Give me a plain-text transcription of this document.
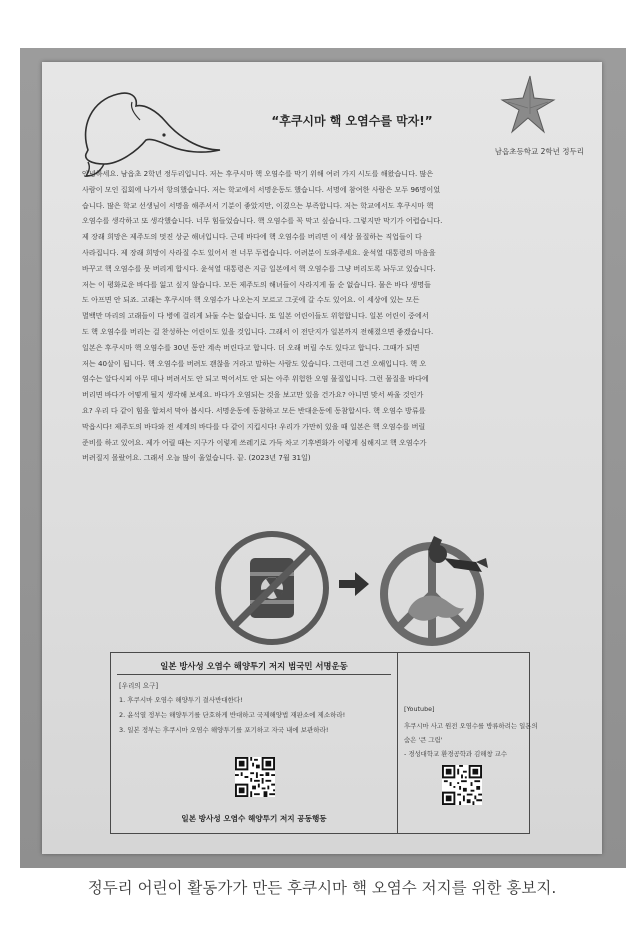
“후쿠시마 핵 오염수를 막자!”
남읍초등학교 2학년 정두리
안녕하세요. 남읍초 2학년 정두리입니다. 저는 후쿠시마 핵 오염수를 막기 위해 여러 가지 시도를 해왔습니다. 많은
사람이 모인 집회에 나가서 항의했습니다. 저는 학교에서 서명운동도 했습니다. 서명에 참여한 사람은 모두 96명이었
습니다. 많은 학교 선생님이 서명을 해주셔서 기분이 좋았지만, 이겼으는 부족합니다. 저는 학교에서도 후쿠시마 핵
오염수를 생각하고 또 생각했습니다. 너무 힘들었습니다. 핵 오염수를 꼭 막고 싶습니다. 그렇지만 막기가 어렵습니다.
제 장래 희망은 제주도의 멋진 상군 해녀입니다. 근데 바다에 핵 오염수를 버리면 이 세상 몰질하는 직업들이 다
사라집니다. 제 장래 희망이 사라질 수도 있어서 전 너무 두렵습니다. 어려분이 도와주세요. 윤석열 대통령의 마음을
바꾸고 핵 오염수를 못 버리게 합시다. 윤석열 대통령은 지금 일본에서 핵 오염수를 그냥 버리도록 놔두고 있습니다.
저는 이 평화로운 바다를 잃고 싶지 않습니다. 모든 제주도의 해녀들이 사라지게 둘 순 없습니다. 물은 바다 생명들
도 아프면 안 되죠. 고래는 후쿠시마 핵 오염수가 나오는지 모르고 그곳에 갈 수도 있어요. 이 세상에 있는 모든
멸백만 마리의 고래들이 다 병에 걸리게 놔둘 수는 없습니다. 또 일본 어린이들도 위험합니다. 일본 어린이 중에서
도 핵 오염수를 버리는 걸 찬성하는 어린이도 있을 것입니다. 그래서 이 전단지가 일본까지 전해졌으면 좋겠습니다.
일본은 후쿠시마 핵 오염수를 30년 동안 계속 버린다고 합니다. 더 오래 버릴 수도 있다고 합니다. 그때가 되면
저는 40살이 됩니다. 핵 오염수를 버려도 괜찮을 거라고 말하는 사람도 있습니다. 그런데 그건 오해입니다. 핵 오
염수는 알다시피 아무 데나 버려서도 안 되고 먹어서도 안 되는 아주 위험한 오염 물질입니다. 그런 물질을 바다에
버리면 바다가 어떻게 될지 생각해 보세요. 바다가 오염되는 것을 보고만 있을 건가요? 아니면 맞서 싸울 것인가
요? 우리 다 같이 힘을 합쳐서 막아 봅시다. 서명운동에 동참하고 모든 반대운동에 동참합시다. 핵 오염수 방류를
막읍시다! 제주도의 바다와 전 세계의 바다를 다 같이 지킵시다! 우리가 가만히 있을 때 일본은 핵 오염수를 버릴
준비를 하고 있어요. 제가 어릴 때는 지구가 이렇게 쓰레기로 가득 차고 기후변화가 이렇게 심해지고 핵 오염수가
버려질지 몰랐어요. 그래서 오늘 많이 울었습니다. 끝. (2023년 7월 31일)
일본 방사성 오염수 해양투기 저지 범국민 서명운동
[우리의 요구]
1. 후쿠시마 오염수 해양투기 결사반대한다!
2. 윤석열 정부는 해양투기를 단호하게 반대하고 국제해양법 재판소에 제소하라!
3. 일본 정부는 후쿠시마 오염수 해양투기를 포기하고 자국 내에 보관하라!
일본 방사성 오염수 해양투기 저지 공동행동
[Youtube]
후쿠시마 사고 원전 오염수를 방류하려는 일본의
숨은 '큰 그림'
- 경성대학교 환경공학과 김해창 교수
정두리 어린이 활동가가 만든 후쿠시마 핵 오염수 저지를 위한 홍보지.
